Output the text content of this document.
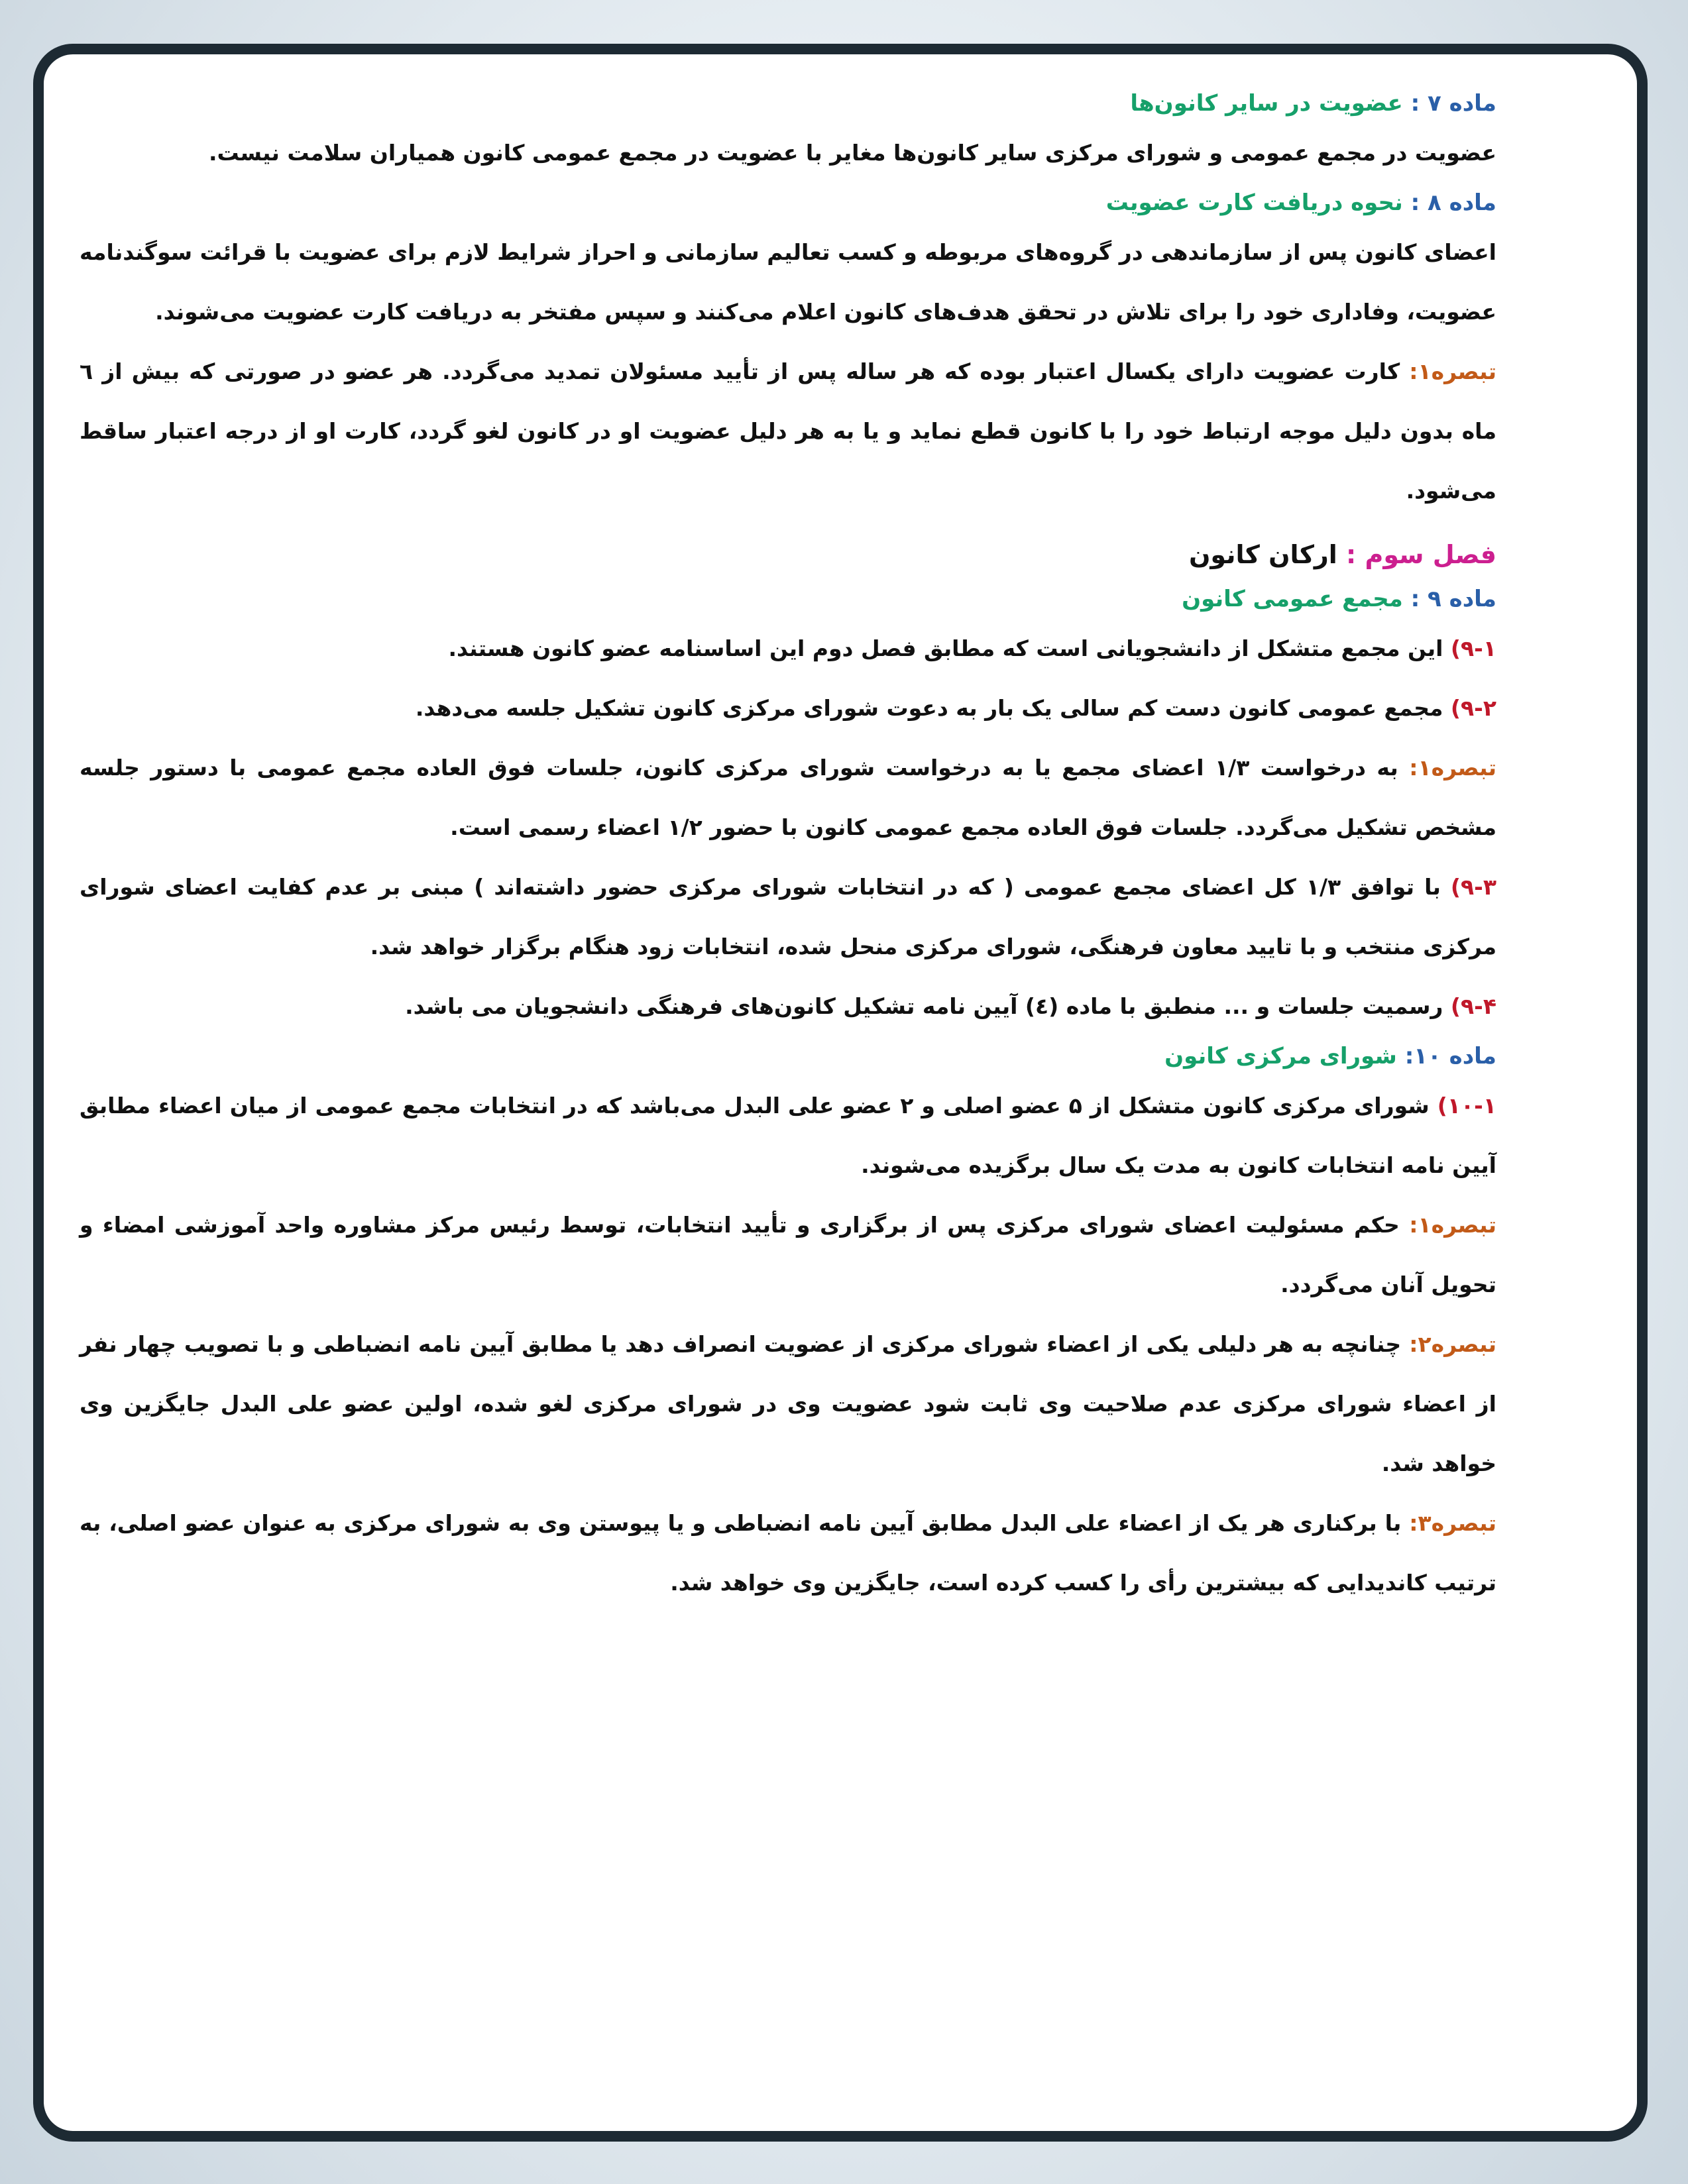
ماده ۷ : عضویت در سایر کانون‌ها

عضویت در مجمع عمومی و شورای مرکزی سایر کانون‌ها مغایر با عضویت در مجمع عمومی کانون همیاران سلامت نیست.

ماده ۸ : نحوه دریافت کارت عضویت

اعضای کانون پس از سازماندهی در گروه‌های مربوطه و کسب تعالیم سازمانی و احراز شرایط لازم برای عضویت با قرائت سوگندنامه عضویت، وفاداری خود را برای تلاش در تحقق هدف‌های کانون اعلام می‌کنند و سپس مفتخر به دریافت کارت عضویت می‌شوند.

تبصره۱: کارت عضویت دارای یکسال اعتبار بوده که هر ساله پس از تأیید مسئولان تمدید می‌گردد. هر عضو در صورتی که بیش از ٦ ماه بدون دلیل موجه ارتباط خود را با کانون قطع نماید و یا به هر دلیل عضویت او در کانون لغو گردد، کارت او از درجه اعتبار ساقط می‌شود.

فصل سوم : ارکان کانون

ماده ۹ : مجمع عمومی کانون

۹-۱) این مجمع متشکل از دانشجویانی است که مطابق فصل دوم این اساسنامه عضو کانون هستند.

۹-۲) مجمع عمومی کانون دست کم سالی یک بار به دعوت شورای مرکزی کانون تشکیل جلسه می‌دهد.

تبصره۱: به درخواست ۱/۳ اعضای مجمع یا به درخواست شورای مرکزی کانون، جلسات فوق العاده مجمع عمومی با دستور جلسه مشخص تشکیل می‌گردد. جلسات فوق العاده مجمع عمومی کانون با حضور ۱/۲ اعضاء رسمی است.

۹-۳) با توافق ۱/۳ کل اعضای مجمع عمومی ( که در انتخابات شورای مرکزی حضور داشته‌اند ) مبنی بر عدم کفایت اعضای شورای مرکزی منتخب و با تایید معاون فرهنگی، شورای مرکزی منحل شده، انتخابات زود هنگام برگزار خواهد شد.

۹-۴) رسمیت جلسات و ... منطبق با ماده (٤) آیین نامه تشکیل کانون‌های فرهنگی دانشجویان می باشد.

ماده ۱۰: شورای مرکزی کانون

۱۰-۱) شورای مرکزی کانون متشکل از ۵ عضو اصلی و ۲ عضو علی البدل می‌باشد که در انتخابات مجمع عمومی از میان اعضاء مطابق آیین نامه انتخابات کانون به مدت یک سال برگزیده می‌شوند.

تبصره۱: حکم مسئولیت اعضای شورای مرکزی پس از برگزاری و تأیید انتخابات، توسط رئیس مرکز مشاوره واحد آموزشی امضاء و تحویل آنان می‌گردد.

تبصره۲: چنانچه به هر دلیلی یکی از اعضاء شورای مرکزی از عضویت انصراف دهد یا مطابق آیین نامه انضباطی و با تصویب چهار نفر از اعضاء شورای مرکزی عدم صلاحیت وی ثابت شود عضویت وی در شورای مرکزی لغو شده، اولین عضو علی البدل جایگزین وی خواهد شد.

تبصره۳: با برکناری هر یک از اعضاء علی البدل مطابق آیین نامه انضباطی و یا پیوستن وی به شورای مرکزی به عنوان عضو اصلی، به ترتیب کاندیدایی که بیشترین رأی را کسب کرده است، جایگزین وی خواهد شد.
